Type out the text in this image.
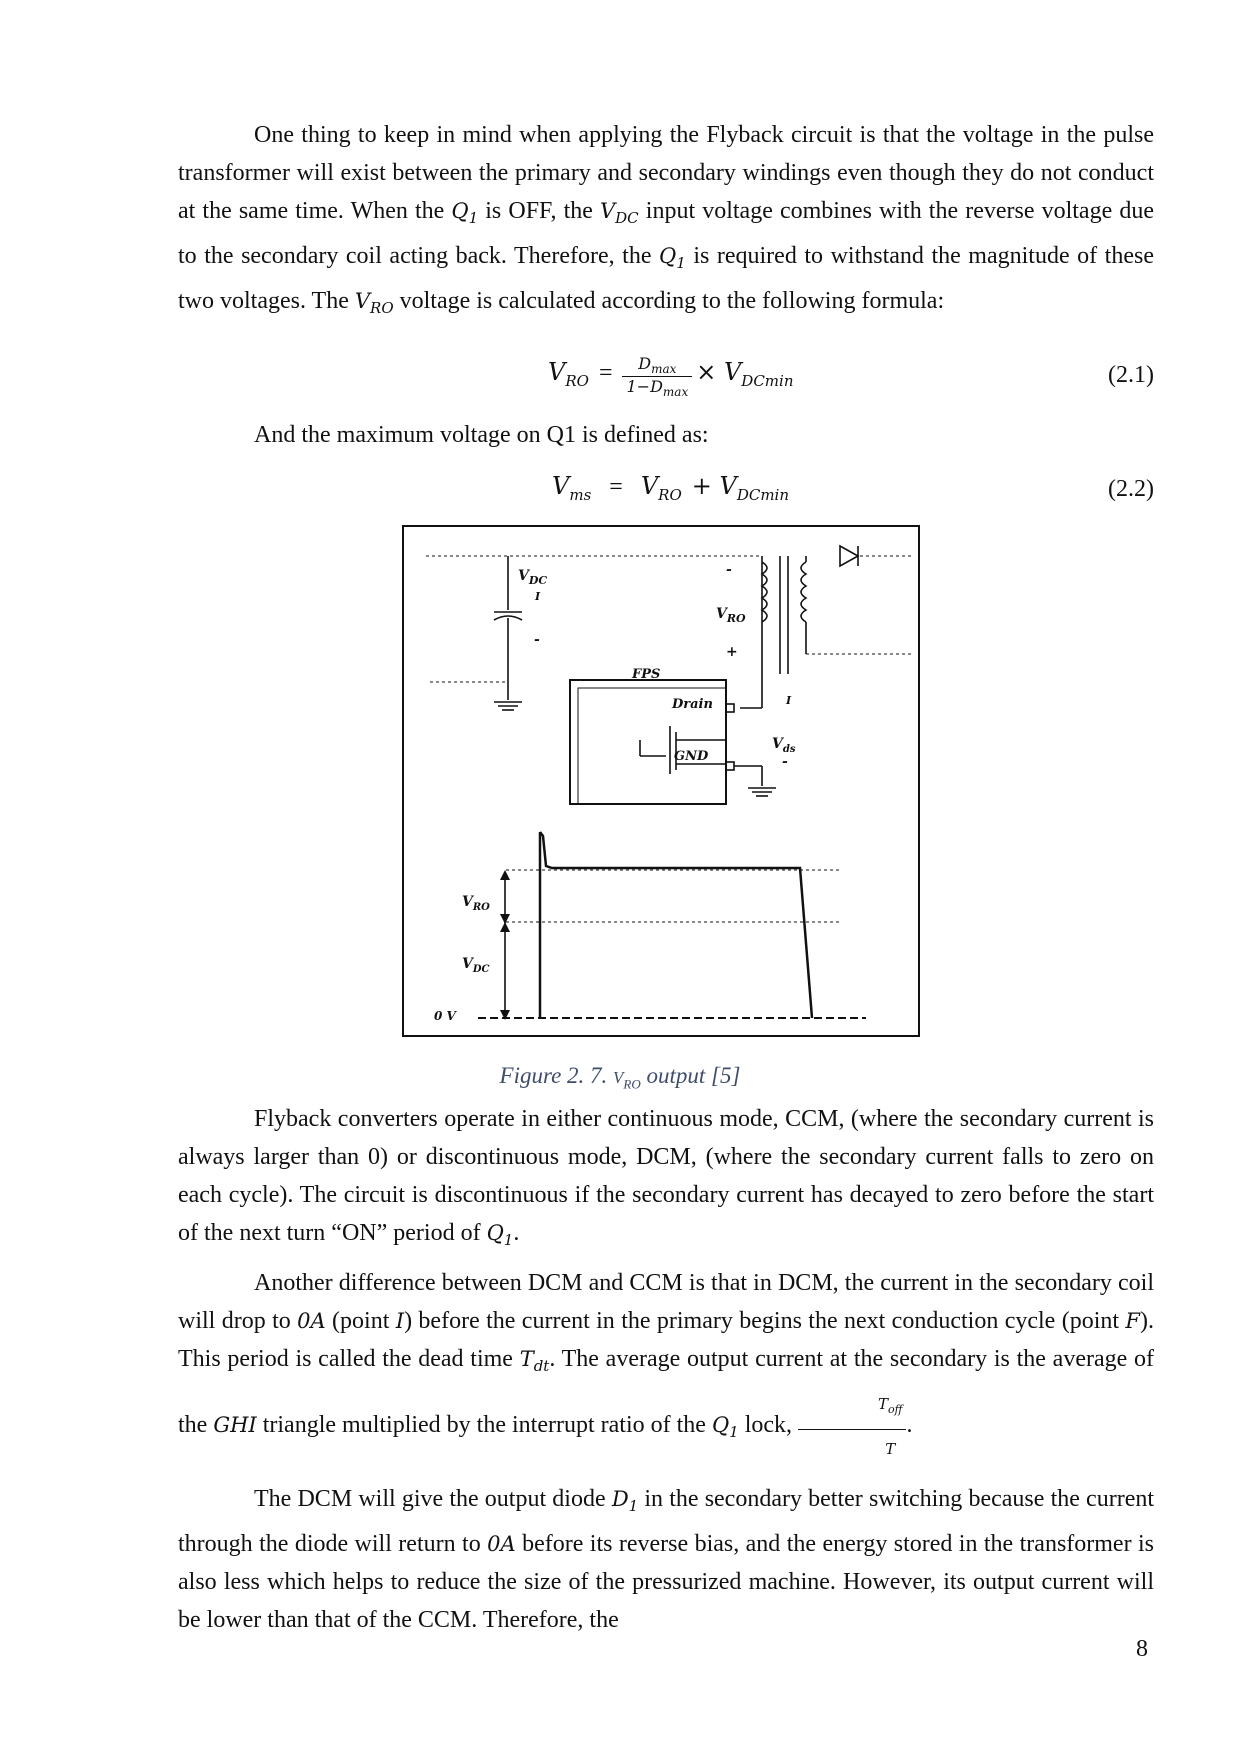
One thing to keep in mind when applying the Flyback circuit is that the voltage in the pulse transformer will exist between the primary and secondary windings even though they do not conduct at the same time. When the $Q_1$ is OFF, the $V_{DC}$ input voltage combines with the reverse voltage due to the secondary coil acting back. Therefore, the $Q_1$ is required to withstand the magnitude of these two voltages. The $V_{RO}$ voltage is calculated according to the following formula:

$V_{RO} = \frac{D_{max}}{1-D_{max}} \times V_{DCmin}$	(2.1)
And the maximum voltage on Q1 is defined as:
$V_{ms} = V_{RO} + V_{DCmin}$	(2.2)
$V_{DC}$
I
-
-
$V_{RO}$
+
FPS
Drain
GND
I
$V_{ds}$
-
$V_{RO}$
$V_{DC}$
0 V
Figure 2. 7. $V_{RO}$ output [5]

Flyback converters operate in either continuous mode, CCM, (where the secondary current is always larger than 0) or discontinuous mode, DCM, (where the secondary current falls to zero on each cycle). The circuit is discontinuous if the secondary current has decayed to zero before the start of the next turn “ON” period of $Q_1$.

Another difference between DCM and CCM is that in DCM, the current in the secondary coil will drop to 0A (point I) before the current in the primary begins the next conduction cycle (point F). This period is called the dead time $T_{dt}$. The average output current at the secondary is the average of the GHI triangle multiplied by the interrupt ratio of the $Q_1$ lock, $\frac{T_{off}}{T}$ .

The DCM will give the output diode $D_1$ in the secondary better switching because the current through the diode will return to 0A before its reverse bias, and the energy stored in the transformer is also less which helps to reduce the size of the pressurized machine. However, its output current will be lower than that of the CCM. Therefore, the

8
